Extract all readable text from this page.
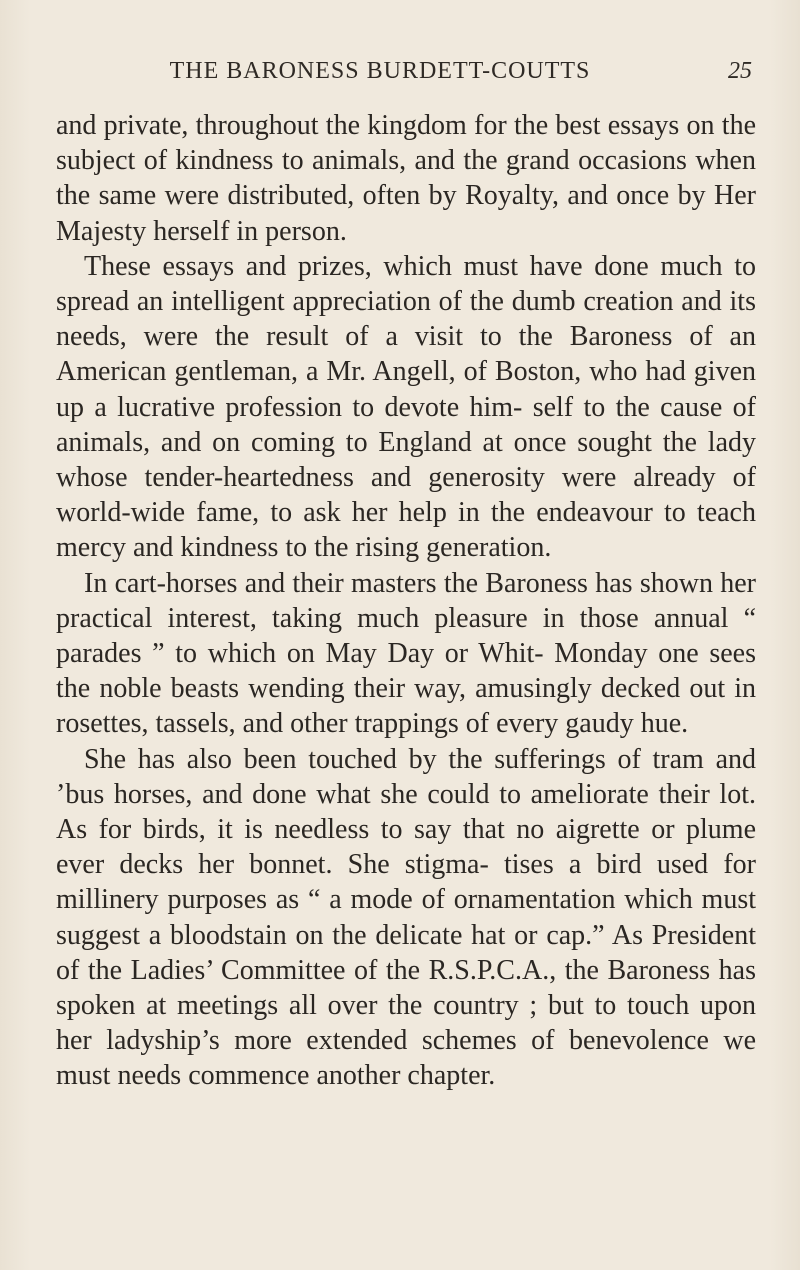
THE BARONESS BURDETT-COUTTS	25

and private, throughout the kingdom for the best essays on the subject of kindness to animals, and the grand occasions when the same were distributed, often by Royalty, and once by Her Majesty herself in person.

These essays and prizes, which must have done much to spread an intelligent appreciation of the dumb creation and its needs, were the result of a visit to the Baroness of an American gentleman, a Mr. Angell, of Boston, who had given up a lucrative profession to devote him- self to the cause of animals, and on coming to England at once sought the lady whose tender-heartedness and generosity were already of world-wide fame, to ask her help in the endeavour to teach mercy and kindness to the rising generation.

In cart-horses and their masters the Baroness has shown her practical interest, taking much pleasure in those annual “ parades ” to which on May Day or Whit- Monday one sees the noble beasts wending their way, amusingly decked out in rosettes, tassels, and other trappings of every gaudy hue.

She has also been touched by the sufferings of tram and ’bus horses, and done what she could to ameliorate their lot. As for birds, it is needless to say that no aigrette or plume ever decks her bonnet. She stigma- tises a bird used for millinery purposes as “ a mode of ornamentation which must suggest a bloodstain on the delicate hat or cap.” As President of the Ladies’ Committee of the R.S.P.C.A., the Baroness has spoken at meetings all over the country ; but to touch upon her ladyship’s more extended schemes of benevolence we must needs commence another chapter.
